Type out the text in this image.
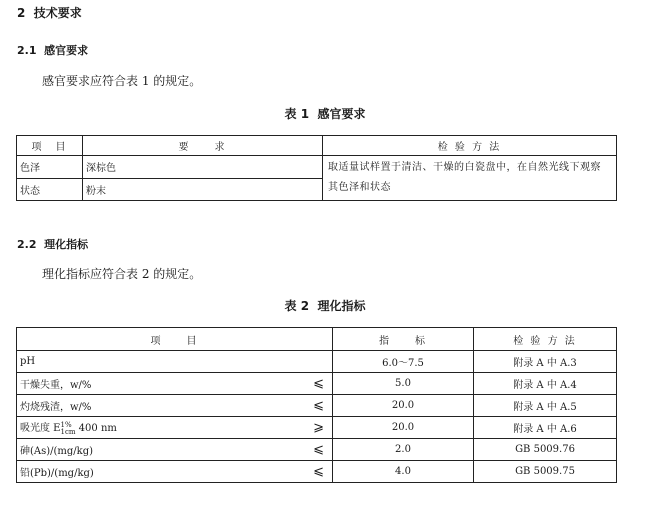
2 技术要求
2.1 感官要求
感官要求应符合表 1 的规定。
表 1 感官要求
项　目	要　　求	检 验 方 法
色泽	深棕色	取适量试样置于清洁、干燥的白瓷盘中，在自然光线下观察其色泽和状态
状态	粉末	
2.2 理化指标
理化指标应符合表 2 的规定。
表 2 理化指标
项　　目		指　　标	检 验 方 法
pH		6.0～7.5	附录 A 中 A.3
干燥失重，w/%	⩽	5.0	附录 A 中 A.4
灼烧残渣，w/%	⩽	20.0	附录 A 中 A.5
吸光度 E 1%
1cm 400 nm	⩾	20.0	附录 A 中 A.6
砷(As)/(mg/kg)	⩽	2.0	GB 5009.76
铅(Pb)/(mg/kg)	⩽	4.0	GB 5009.75
